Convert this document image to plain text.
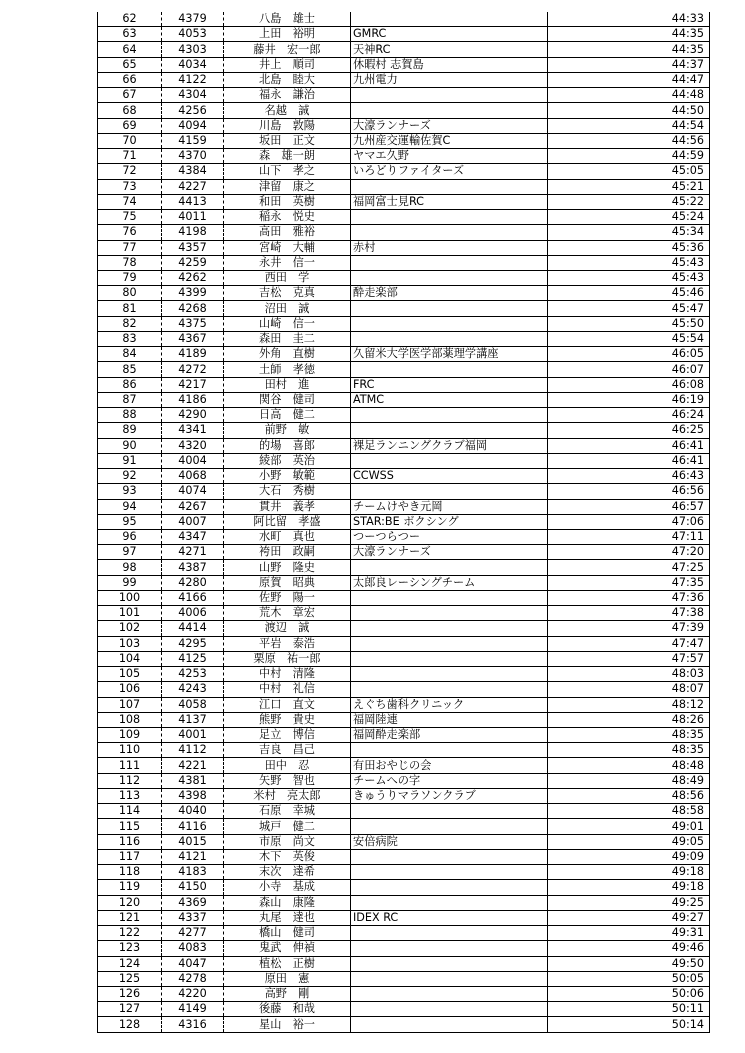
62	4379	八島　雄士		44:33
63	4053	上田　裕明	GMRC	44:35
64	4303	藤井　宏一郎	天神RC	44:35
65	4034	井上　順司	休暇村 志賀島	44:37
66	4122	北島　睦大	九州電力	44:47
67	4304	福永　謙治		44:48
68	4256	名越　誠		44:50
69	4094	川島　敦陽	大濠ランナーズ	44:54
70	4159	坂田　正文	九州産交運輸佐賀C	44:56
71	4370	森　雄一朗	ヤマエ久野	44:59
72	4384	山下　孝之	いろどりファイターズ	45:05
73	4227	津留　康之		45:21
74	4413	和田　英樹	福岡富士見RC	45:22
75	4011	稲永　悦史		45:24
76	4198	高田　雅裕		45:34
77	4357	宮崎　大輔	赤村	45:36
78	4259	永井　信一		45:43
79	4262	西田　学		45:43
80	4399	吉松　克真	酔走楽部	45:46
81	4268	沼田　誠		45:47
82	4375	山崎　信一		45:50
83	4367	森田　圭二		45:54
84	4189	外角　直樹	久留米大学医学部薬理学講座	46:05
85	4272	土師　孝徳		46:07
86	4217	田村　進	FRC	46:08
87	4186	関谷　健司	ATMC	46:19
88	4290	日高　健二		46:24
89	4341	前野　敏		46:25
90	4320	的場　喜郎	裸足ランニングクラブ福岡	46:41
91	4004	綾部　英治		46:41
92	4068	小野　敏範	CCWSS	46:43
93	4074	大石　秀樹		46:56
94	4267	貫井　義孝	チームけやき元岡	46:57
95	4007	阿比留　孝盛	STAR:BE ボクシング	47:06
96	4347	水町　真也	つーつらつー	47:11
97	4271	袴田　政嗣	大濠ランナーズ	47:20
98	4387	山野　隆史		47:25
99	4280	原賀　昭典	太郎良レーシングチーム	47:35
100	4166	佐野　陽一		47:36
101	4006	荒木　章宏		47:38
102	4414	渡辺　誠		47:39
103	4295	平岩　泰浩		47:47
104	4125	栗原　祐一郎		47:57
105	4253	中村　清隆		48:03
106	4243	中村　礼信		48:07
107	4058	江口　直文	えぐち歯科クリニック	48:12
108	4137	熊野　貴史	福岡陸連	48:26
109	4001	足立　博信	福岡酔走楽部	48:35
110	4112	吉良　昌己		48:35
111	4221	田中　忍	有田おやじの会	48:48
112	4381	矢野　智也	チームへの字	48:49
113	4398	米村　亮太郎	きゅうりマラソンクラブ	48:56
114	4040	石原　幸城		48:58
115	4116	城戸　健二		49:01
116	4015	市原　尚文	安倍病院	49:05
117	4121	木下　英俊		49:09
118	4183	末次　達希		49:18
119	4150	小寺　基成		49:18
120	4369	森山　康隆		49:25
121	4337	丸尾　達也	IDEX RC	49:27
122	4277	橋山　健司		49:31
123	4083	鬼武　伸禎		49:46
124	4047	植松　正樹		49:50
125	4278	原田　憲		50:05
126	4220	高野　剛		50:06
127	4149	後藤　和哉		50:11
128	4316	星山　裕一		50:14
